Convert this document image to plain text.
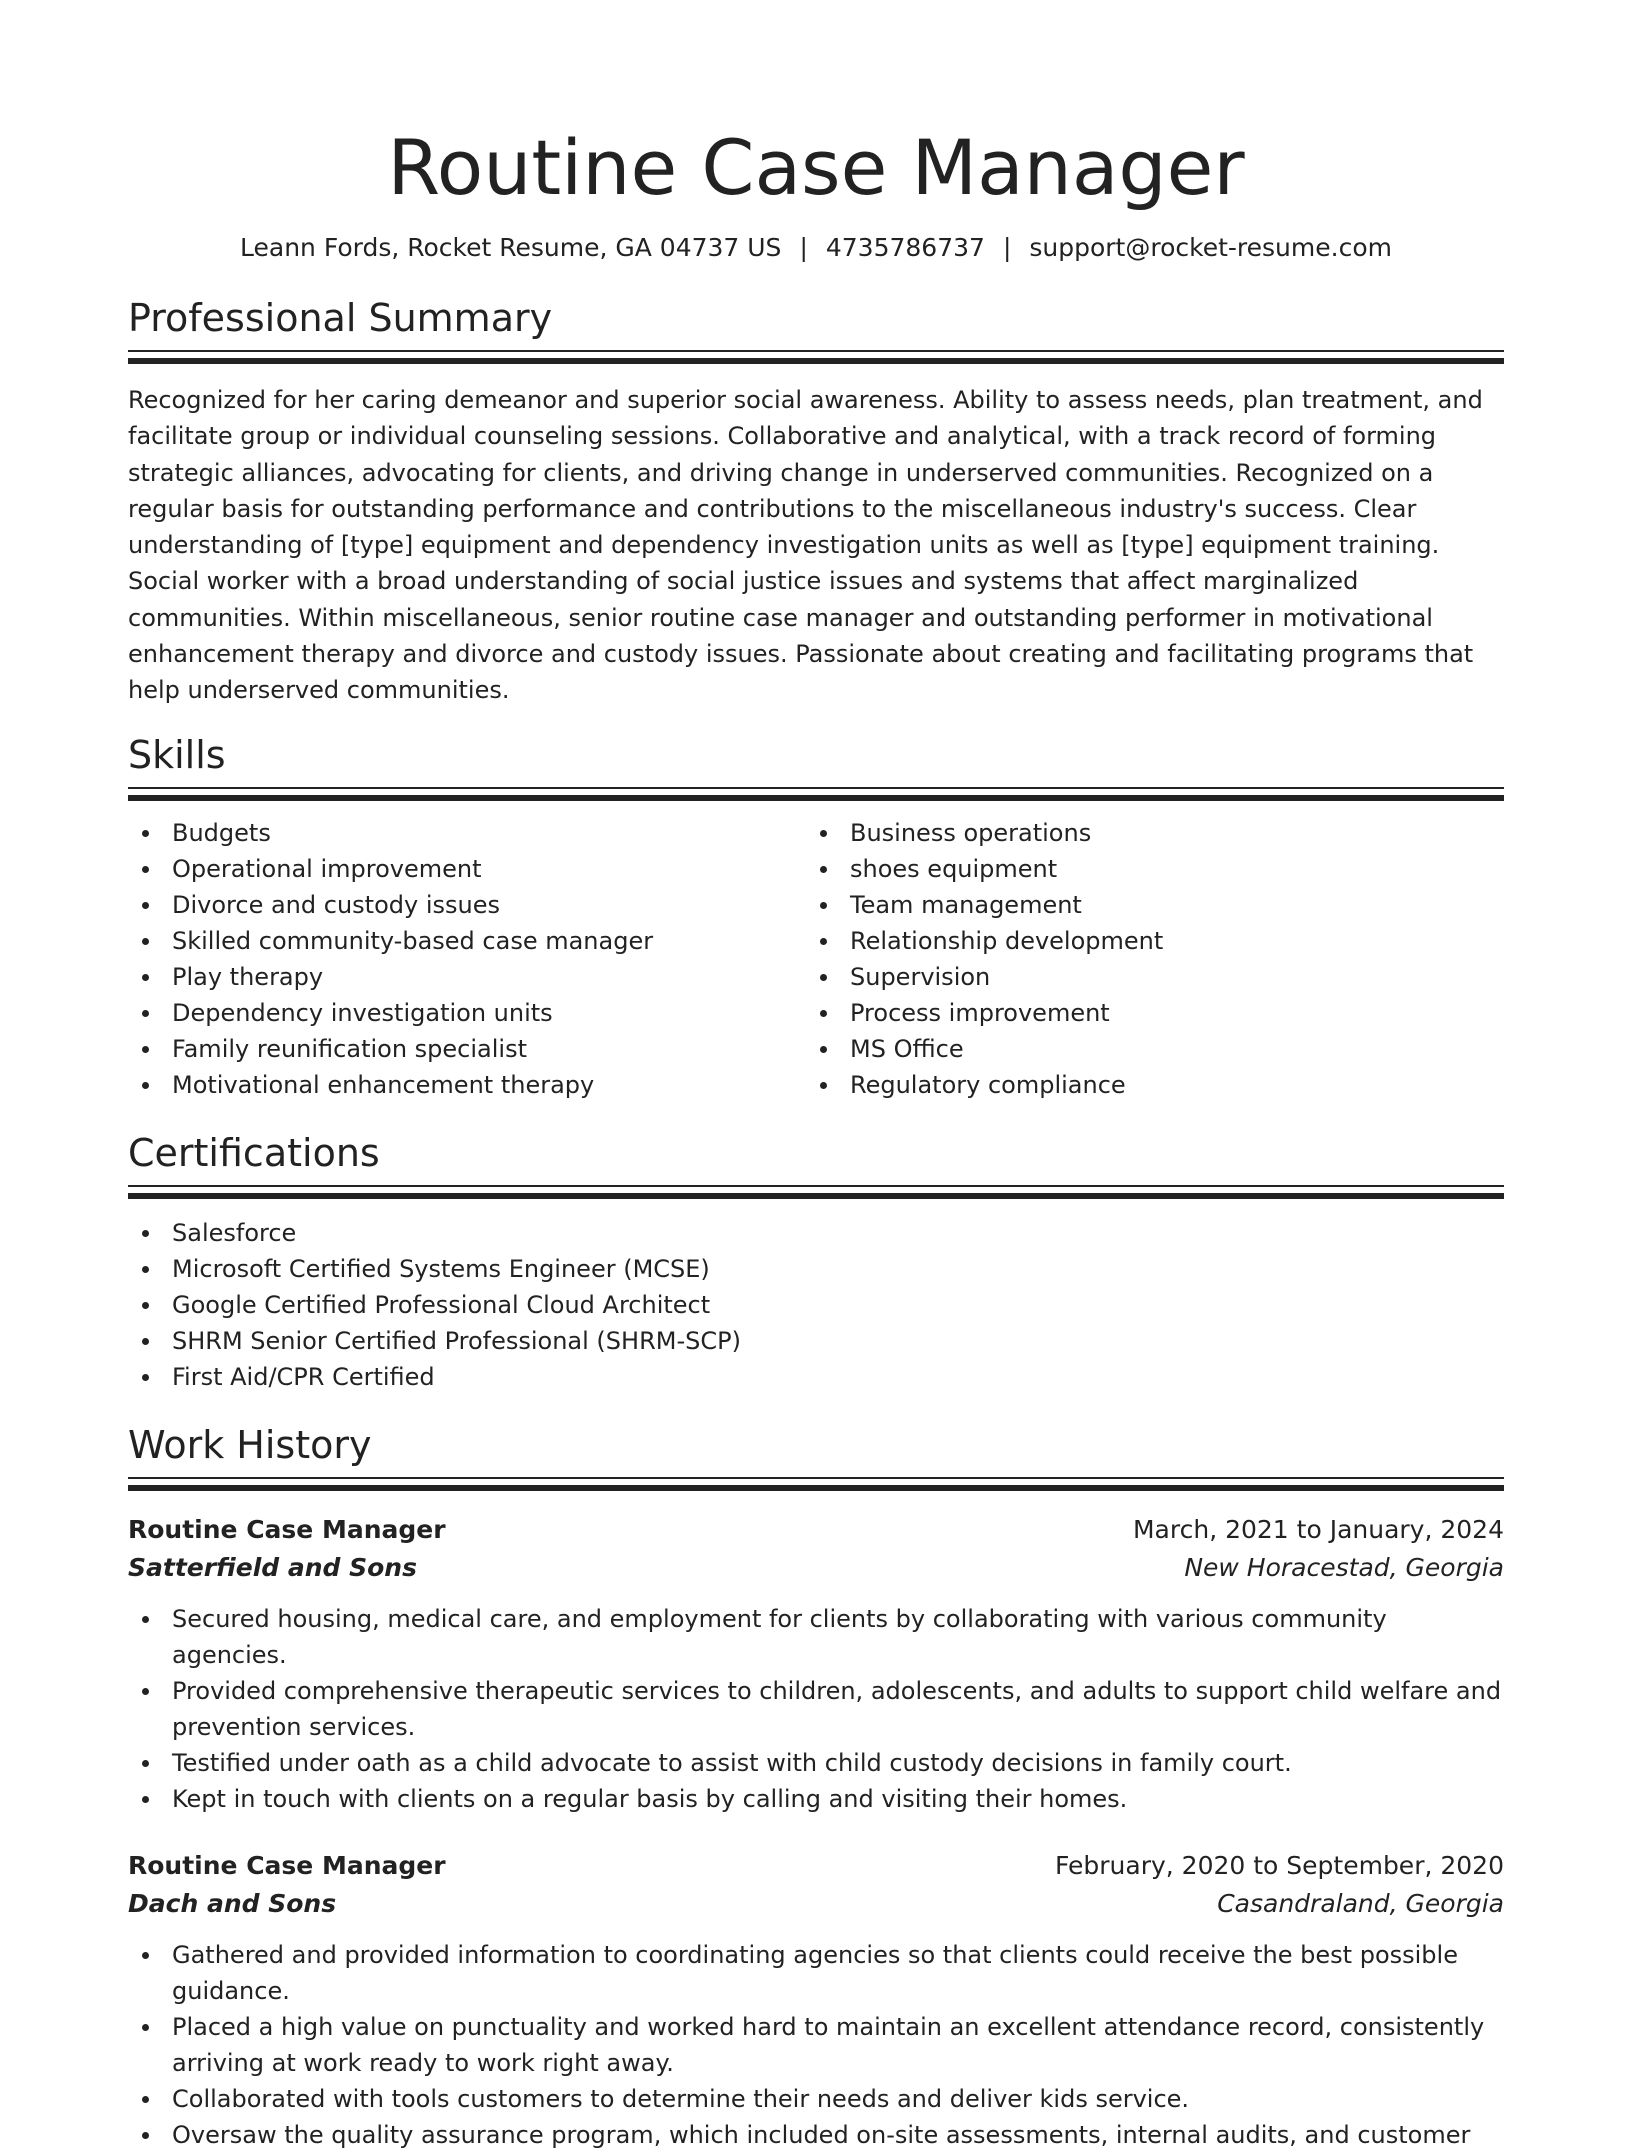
Routine Case Manager
Leann Fords, Rocket Resume, GA 04737 US | 4735786737 | support@rocket-resume.com
Professional Summary

Recognized for her caring demeanor and superior social awareness. Ability to assess needs, plan treatment, and facilitate group or individual counseling sessions. Collaborative and analytical, with a track record of forming strategic alliances, advocating for clients, and driving change in underserved communities. Recognized on a regular basis for outstanding performance and contributions to the miscellaneous industry's success. Clear understanding of [type] equipment and dependency investigation units as well as [type] equipment training. Social worker with a broad understanding of social justice issues and systems that affect marginalized communities. Within miscellaneous, senior routine case manager and outstanding performer in motivational enhancement therapy and divorce and custody issues. Passionate about creating and facilitating programs that help underserved communities.

Skills
Budgets
Operational improvement
Divorce and custody issues
Skilled community-based case manager
Play therapy
Dependency investigation units
Family reunification specialist
Motivational enhancement therapy
Business operations
shoes equipment
Team management
Relationship development
Supervision
Process improvement
MS Office
Regulatory compliance
Certifications
Salesforce
Microsoft Certified Systems Engineer (MCSE)
Google Certified Professional Cloud Architect
SHRM Senior Certified Professional (SHRM-SCP)
First Aid/CPR Certified
Work History
Routine Case Manager	March, 2021 to January, 2024
Satterfield and Sons	New Horacestad, Georgia
Secured housing, medical care, and employment for clients by collaborating with various community agencies.
Provided comprehensive therapeutic services to children, adolescents, and adults to support child welfare and prevention services.
Testified under oath as a child advocate to assist with child custody decisions in family court.
Kept in touch with clients on a regular basis by calling and visiting their homes.
Routine Case Manager	February, 2020 to September, 2020
Dach and Sons	Casandraland, Georgia
Gathered and provided information to coordinating agencies so that clients could receive the best possible guidance.
Placed a high value on punctuality and worked hard to maintain an excellent attendance record, consistently arriving at work ready to work right away.
Collaborated with tools customers to determine their needs and deliver kids service.
Oversaw the quality assurance program, which included on-site assessments, internal audits, and customer
